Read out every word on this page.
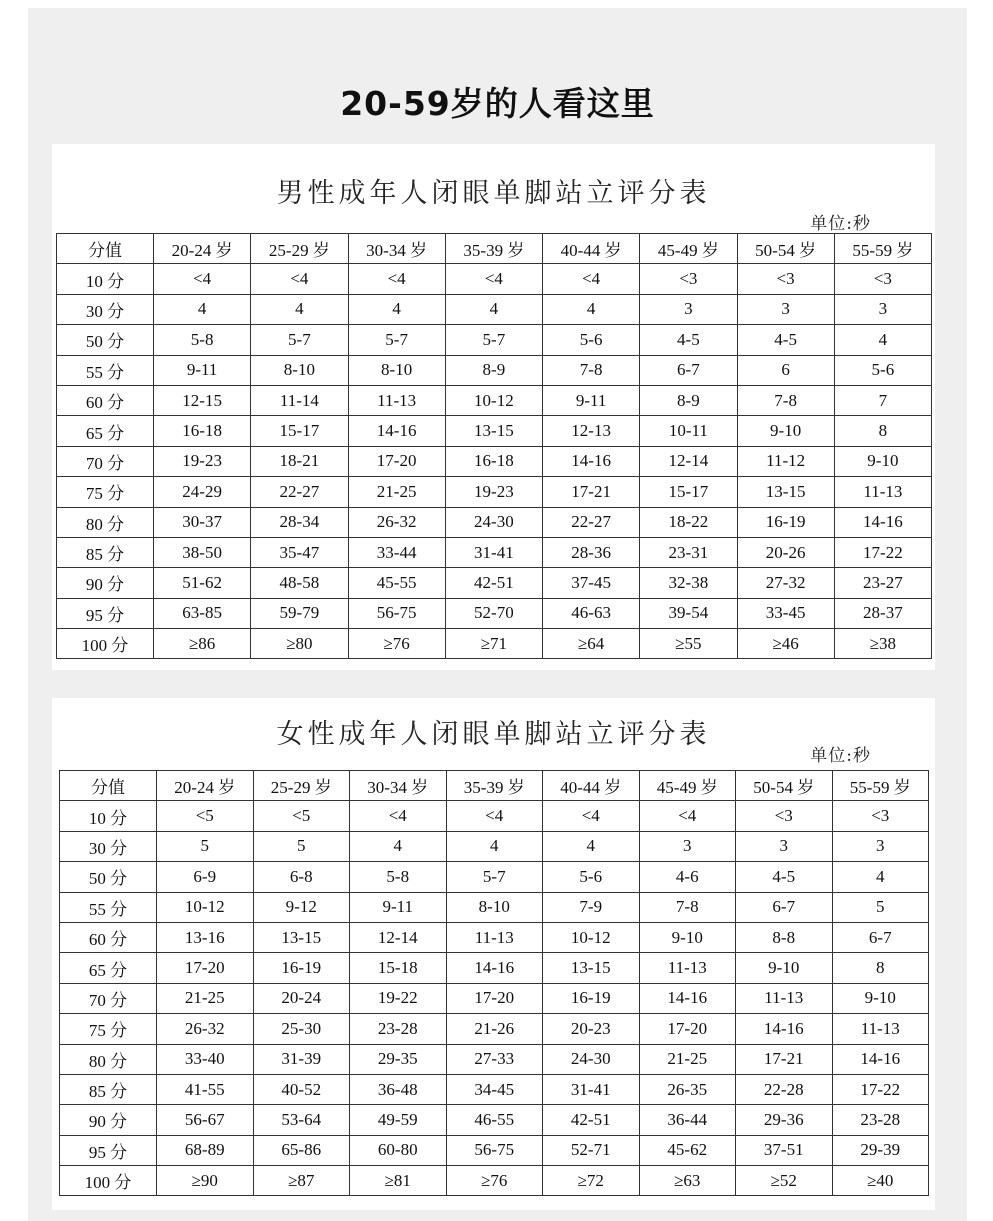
20-59岁的人看这里
男性成年人闭眼单脚站立评分表
单位:秒
分值	20-24 岁	25-29 岁	30-34 岁	35-39 岁	40-44 岁	45-49 岁	50-54 岁	55-59 岁
10 分	<4	<4	<4	<4	<4	<3	<3	<3
30 分	4	4	4	4	4	3	3	3
50 分	5-8	5-7	5-7	5-7	5-6	4-5	4-5	4
55 分	9-11	8-10	8-10	8-9	7-8	6-7	6	5-6
60 分	12-15	11-14	11-13	10-12	9-11	8-9	7-8	7
65 分	16-18	15-17	14-16	13-15	12-13	10-11	9-10	8
70 分	19-23	18-21	17-20	16-18	14-16	12-14	11-12	9-10
75 分	24-29	22-27	21-25	19-23	17-21	15-17	13-15	11-13
80 分	30-37	28-34	26-32	24-30	22-27	18-22	16-19	14-16
85 分	38-50	35-47	33-44	31-41	28-36	23-31	20-26	17-22
90 分	51-62	48-58	45-55	42-51	37-45	32-38	27-32	23-27
95 分	63-85	59-79	56-75	52-70	46-63	39-54	33-45	28-37
100 分	≥86	≥80	≥76	≥71	≥64	≥55	≥46	≥38
女性成年人闭眼单脚站立评分表
单位:秒
分值	20-24 岁	25-29 岁	30-34 岁	35-39 岁	40-44 岁	45-49 岁	50-54 岁	55-59 岁
10 分	<5	<5	<4	<4	<4	<4	<3	<3
30 分	5	5	4	4	4	3	3	3
50 分	6-9	6-8	5-8	5-7	5-6	4-6	4-5	4
55 分	10-12	9-12	9-11	8-10	7-9	7-8	6-7	5
60 分	13-16	13-15	12-14	11-13	10-12	9-10	8-8	6-7
65 分	17-20	16-19	15-18	14-16	13-15	11-13	9-10	8
70 分	21-25	20-24	19-22	17-20	16-19	14-16	11-13	9-10
75 分	26-32	25-30	23-28	21-26	20-23	17-20	14-16	11-13
80 分	33-40	31-39	29-35	27-33	24-30	21-25	17-21	14-16
85 分	41-55	40-52	36-48	34-45	31-41	26-35	22-28	17-22
90 分	56-67	53-64	49-59	46-55	42-51	36-44	29-36	23-28
95 分	68-89	65-86	60-80	56-75	52-71	45-62	37-51	29-39
100 分	≥90	≥87	≥81	≥76	≥72	≥63	≥52	≥40
